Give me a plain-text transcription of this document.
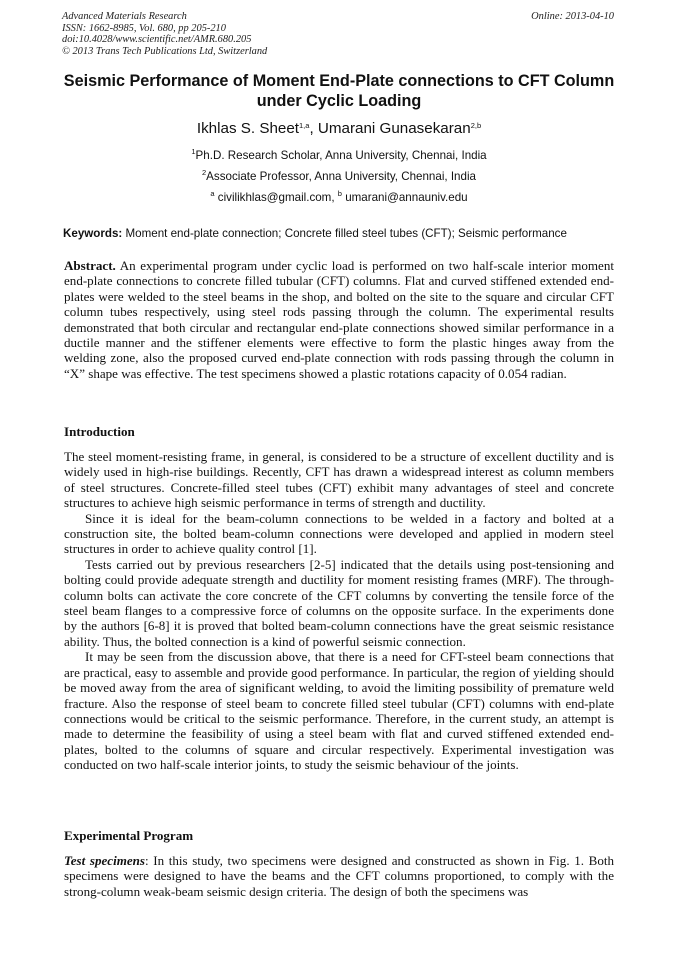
Advanced Materials Research
ISSN: 1662-8985, Vol. 680, pp 205-210
doi:10.4028/www.scientific.net/AMR.680.205
© 2013 Trans Tech Publications Ltd, Switzerland
Online: 2013-04-10
Seismic Performance of Moment End-Plate connections to CFT Column
under Cyclic Loading
Ikhlas S. Sheet$^{1,a}$, Umarani Gunasekaran$^{2,b}$
$^1$Ph.D. Research Scholar, Anna University, Chennai, India
$^2$Associate Professor, Anna University, Chennai, India
$^a$ civilikhlas@gmail.com, $^b$ umarani@annauniv.edu
Keywords: Moment end-plate connection; Concrete filled steel tubes (CFT); Seismic performance

Abstract. An experimental program under cyclic load is performed on two half-scale interior moment end-plate connections to concrete filled tubular (CFT) columns. Flat and curved stiffened extended end-plates were welded to the steel beams in the shop, and bolted on the site to the square and circular CFT column tubes respectively, using steel rods passing through the column. The experimental results demonstrated that both circular and rectangular end-plate connections showed similar performance in a ductile manner and the stiffener elements were effective to form the plastic hinges away from the welding zone, also the proposed curved end-plate connection with rods passing through the column in “X” shape was effective. The test specimens showed a plastic rotations capacity of 0.054 radian.

Introduction

The steel moment-resisting frame, in general, is considered to be a structure of excellent ductility and is widely used in high-rise buildings. Recently, CFT has drawn a widespread interest as column members of steel structures. Concrete-filled steel tubes (CFT) exhibit many advantages of steel and concrete structures to achieve high seismic performance in terms of strength and ductility.

Since it is ideal for the beam-column connections to be welded in a factory and bolted at a construction site, the bolted beam-column connections were developed and applied in modern steel structures in order to achieve quality control [1].

Tests carried out by previous researchers [2-5] indicated that the details using post-tensioning and bolting could provide adequate strength and ductility for moment resisting frames (MRF). The through-column bolts can activate the core concrete of the CFT columns by converting the tensile force of the steel beam flanges to a compressive force of columns on the opposite surface. In the experiments done by the authors [6-8] it is proved that bolted beam-column connections have the great seismic resistance ability. Thus, the bolted connection is a kind of powerful seismic connection.

It may be seen from the discussion above, that there is a need for CFT-steel beam connections that are practical, easy to assemble and provide good performance. In particular, the region of yielding should be moved away from the area of significant welding, to avoid the limiting possibility of premature weld fracture. Also the response of steel beam to concrete filled steel tubular (CFT) columns with end-plate connections would be critical to the seismic performance. Therefore, in the current study, an attempt is made to determine the feasibility of using a steel beam with flat and curved stiffened extended end-plates, bolted to the columns of square and circular respectively. Experimental investigation was conducted on two half-scale interior joints, to study the seismic behaviour of the joints.

Experimental Program

Test specimens: In this study, two specimens were designed and constructed as shown in Fig. 1. Both specimens were designed to have the beams and the CFT columns proportioned, to comply with the strong-column weak-beam seismic design criteria. The design of both the specimens was
